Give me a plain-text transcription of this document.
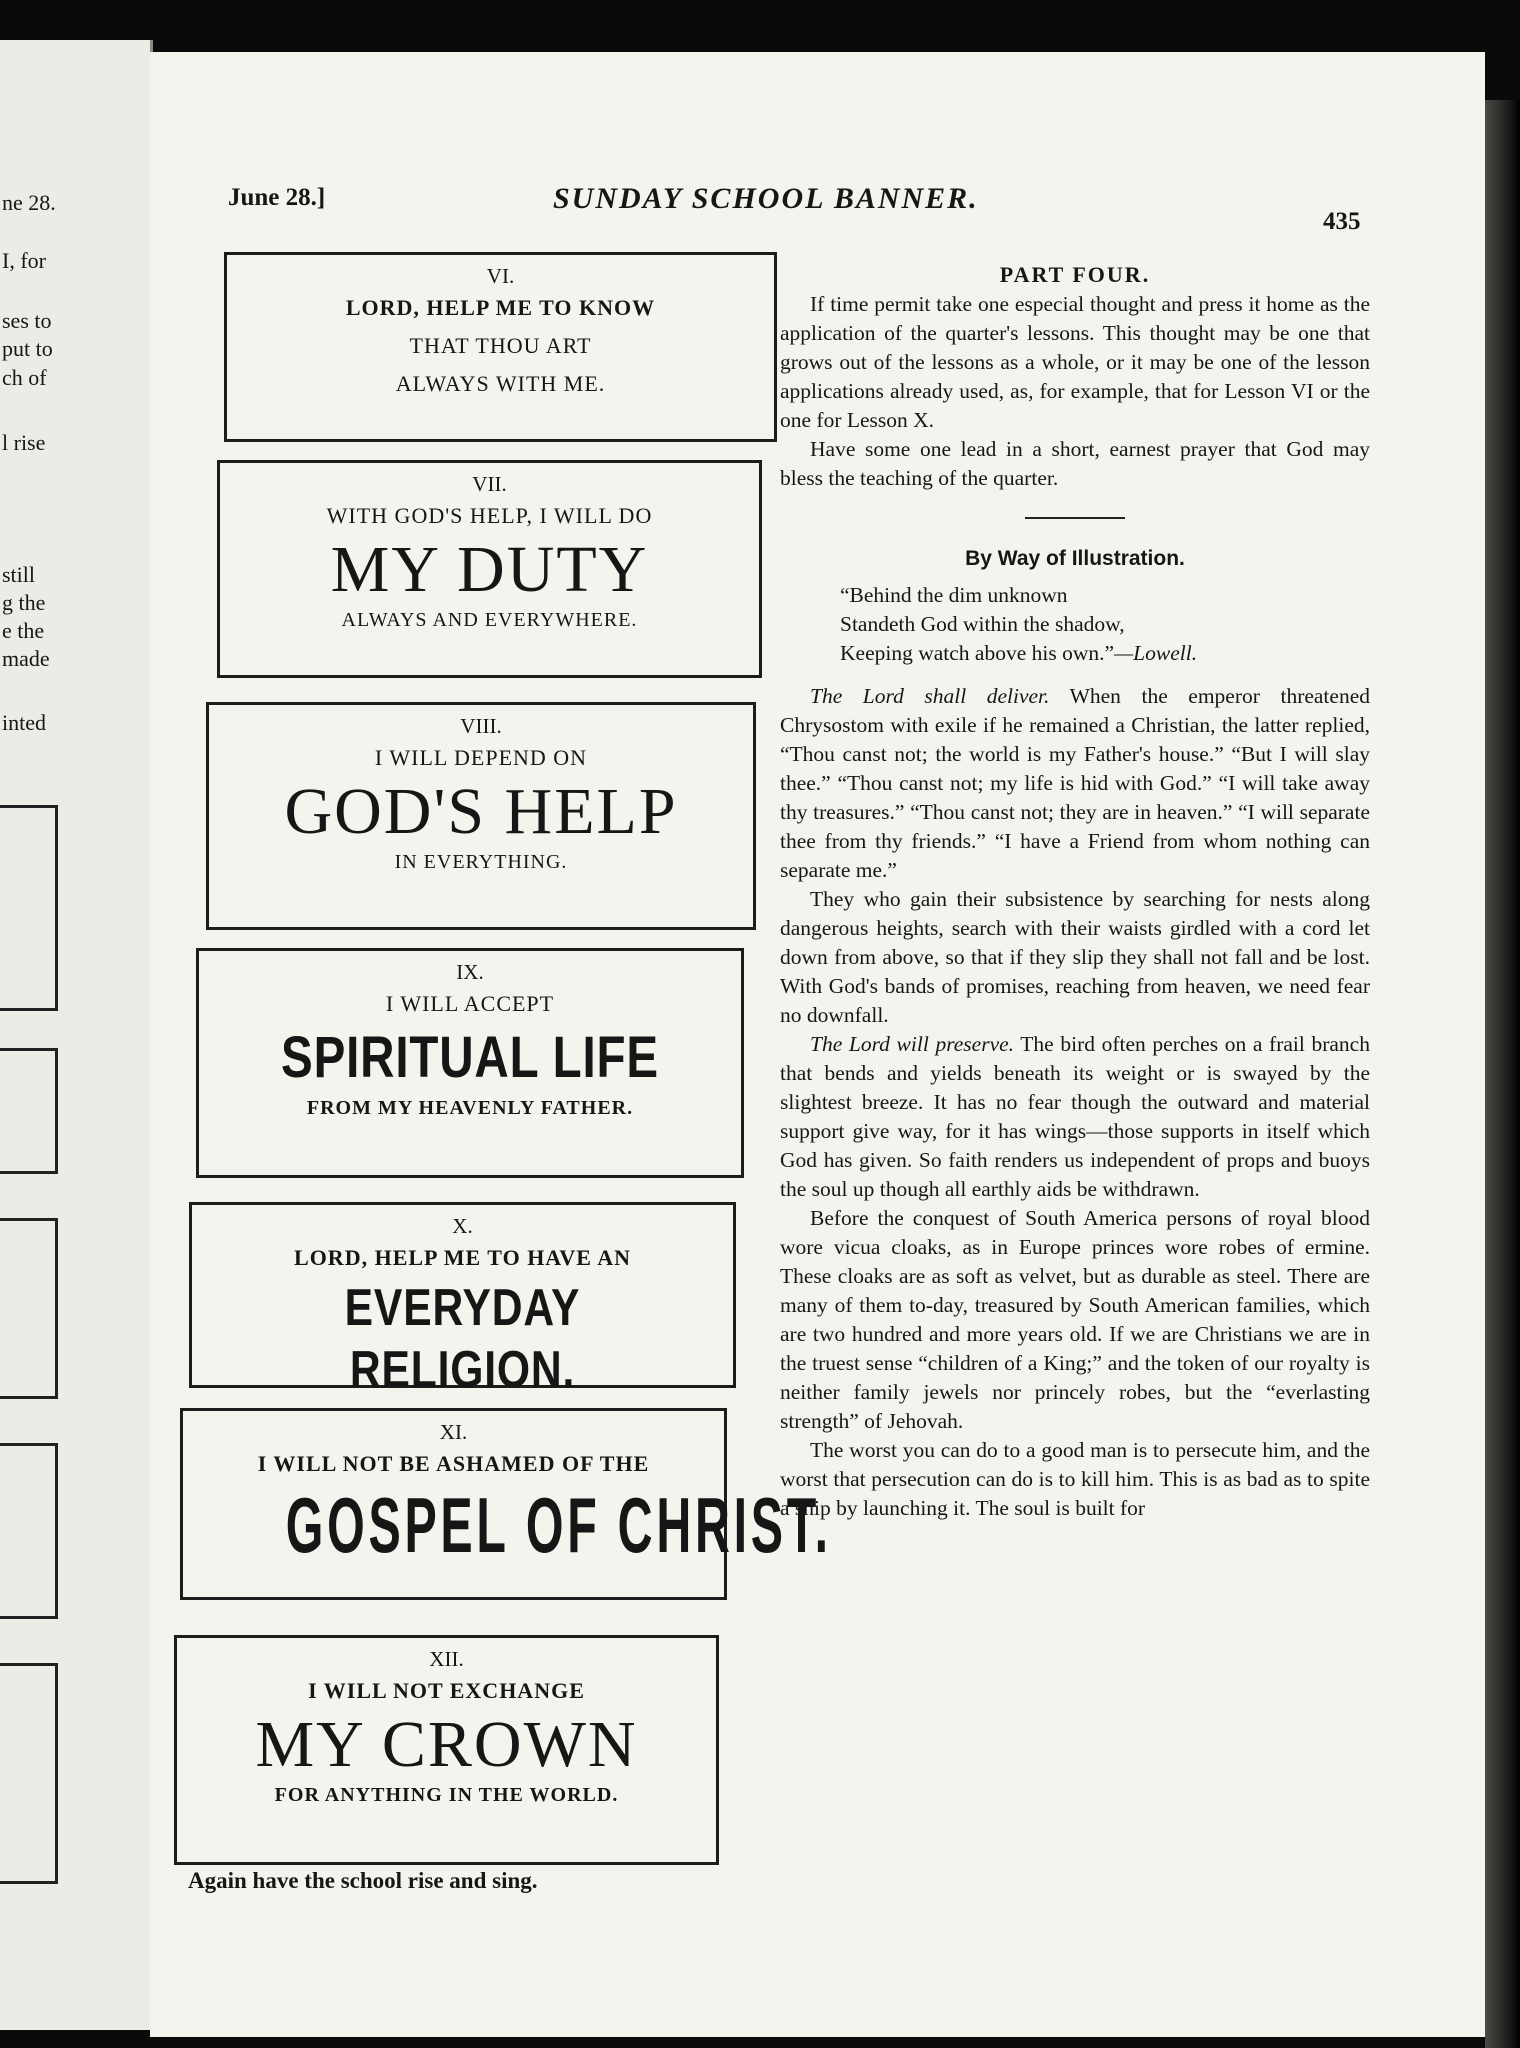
ne 28.
I, for
ses to
put to
ch of
l rise
still
g the
e the
made
inted
June 28.]	SUNDAY SCHOOL BANNER.
435
VI.
LORD, HELP ME TO KNOW
THAT THOU ART
ALWAYS WITH ME.
VII.
WITH GOD'S HELP, I WILL DO
MY DUTY
ALWAYS AND EVERYWHERE.
VIII.
I WILL DEPEND ON
GOD'S HELP
IN EVERYTHING.
IX.
I WILL ACCEPT
SPIRITUAL LIFE
FROM MY HEAVENLY FATHER.
X.
LORD, HELP ME TO HAVE AN
EVERYDAY RELIGION.
XI.
I WILL NOT BE ASHAMED OF THE
GOSPEL OF CHRIST.
XII.
I WILL NOT EXCHANGE
MY CROWN
FOR ANYTHING IN THE WORLD.
Again have the school rise and sing.
PART FOUR.

If time permit take one especial thought and press it home as the application of the quarter's lessons. This thought may be one that grows out of the lessons as a whole, or it may be one of the lesson applications already used, as, for example, that for Lesson VI or the one for Lesson X.

Have some one lead in a short, earnest prayer that God may bless the teaching of the quarter.

By Way of Illustration.
“Behind the dim unknown
Standeth God within the shadow,
Keeping watch above his own.”—Lowell.

The Lord shall deliver. When the emperor threatened Chrysostom with exile if he remained a Christian, the latter replied, “Thou canst not; the world is my Father's house.” “But I will slay thee.” “Thou canst not; my life is hid with God.” “I will take away thy treasures.” “Thou canst not; they are in heaven.” “I will separate thee from thy friends.” “I have a Friend from whom nothing can separate me.”

They who gain their subsistence by searching for nests along dangerous heights, search with their waists girdled with a cord let down from above, so that if they slip they shall not fall and be lost. With God's bands of promises, reaching from heaven, we need fear no downfall.

The Lord will preserve. The bird often perches on a frail branch that bends and yields beneath its weight or is swayed by the slightest breeze. It has no fear though the outward and material support give way, for it has wings—those supports in itself which God has given. So faith renders us independent of props and buoys the soul up though all earthly aids be withdrawn.

Before the conquest of South America persons of royal blood wore vicua cloaks, as in Europe princes wore robes of ermine. These cloaks are as soft as velvet, but as durable as steel. There are many of them to-day, treasured by South American families, which are two hundred and more years old. If we are Christians we are in the truest sense “children of a King;” and the token of our royalty is neither family jewels nor princely robes, but the “everlasting strength” of Jehovah.

The worst you can do to a good man is to persecute him, and the worst that persecution can do is to kill him. This is as bad as to spite a ship by launching it. The soul is built for
